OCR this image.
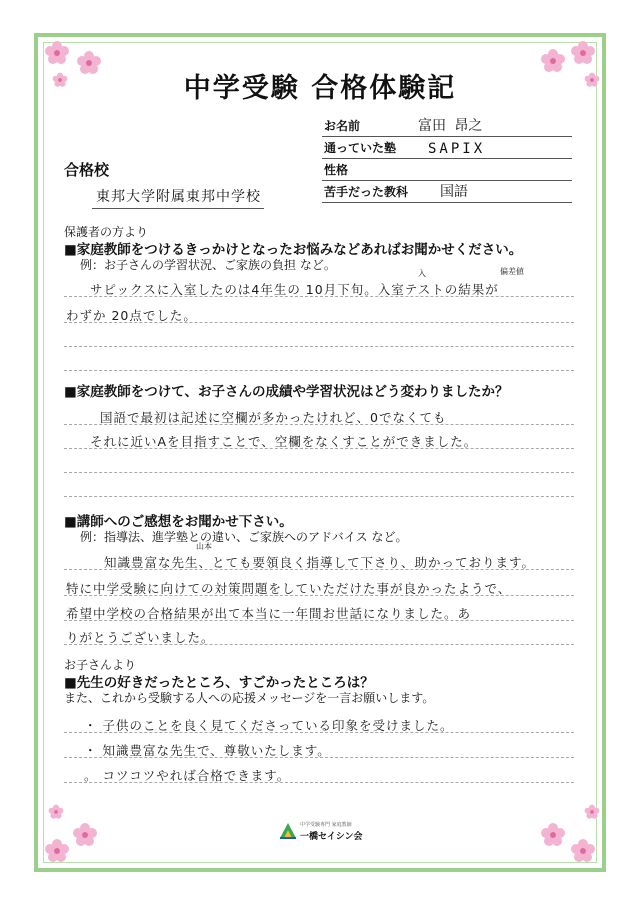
中学受験 合格体験記
お名前	富田 昂之
通っていた塾 SAPIX
性格
苦手だった教科 国語
合格校
東邦大学附属東邦中学校
保護者の方より
■家庭教師をつけるきっかけとなったお悩みなどあればお聞かせください。
例：お子さんの学習状況、ご家族の負担 など。
入	偏差値
サピックスに入室したのは4年生の 10月下旬。入室テストの結果が
わずか 20点でした。
■家庭教師をつけて、お子さんの成績や学習状況はどう変わりましたか？
国語で最初は記述に空欄が多かったけれど、0でなくても
それに近いAを目指すことで、空欄をなくすことができました。
■講師へのご感想をお聞かせ下さい。
例：指導法、進学塾との違い、ご家族へのアドバイス など。
山本
知識豊富な先生、とても要領良く指導して下さり、助かっております。
特に中学受験に向けての対策問題をしていただけた事が良かったようで、
希望中学校の合格結果が出て本当に一年間お世話になりました。あ
りがとうございました。
お子さんより
■先生の好きだったところ、すごかったところは？
また、これから受験する人への応援メッセージを一言お願いします。
・ 子供のことを良く見てくださっている印象を受けました。
・ 知識豊富な先生で、尊敬いたします。
。 コツコツやれば合格できます。
中学受験専門 家庭教師
一橋セイシン会
